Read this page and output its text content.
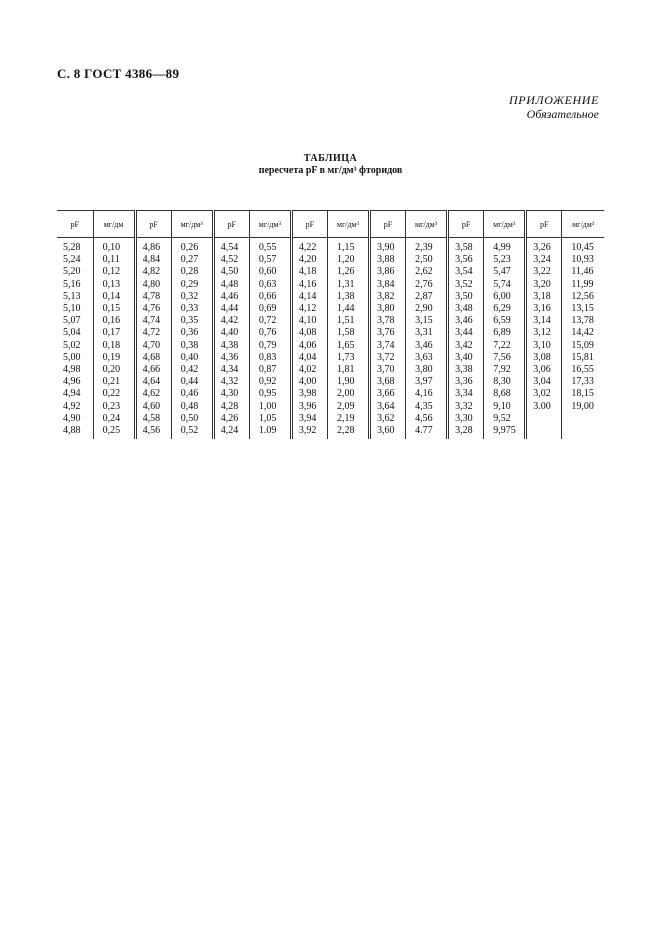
С. 8 ГОСТ 4386—89
ПРИЛОЖЕНИЕ
Обязательное
ТАБЛИЦА
пересчета pF в мг/дм³ фторидов
pF	мг/дм	pF	мг/дм³	pF	мг/дм³	pF	мг/дм³	pF	мг/дм³	pF	мг/дм³	pF	мг/дм³
5,28	0,10	4,86	0,26	4,54	0,55	4,22	1,15	3,90	2,39	3,58	4,99	3,26	10,45
5,24	0,11	4,84	0,27	4,52	0,57	4,20	1,20	3,88	2,50	3,56	5,23	3,24	10,93
5,20	0,12	4,82	0,28	4,50	0,60	4,18	1,26	3,86	2,62	3,54	5,47	3,22	11,46
5,16	0,13	4,80	0,29	4,48	0,63	4,16	1,31	3,84	2,76	3,52	5,74	3,20	11,99
5,13	0,14	4,78	0,32	4,46	0,66	4,14	1,38	3,82	2,87	3,50	6,00	3,18	12,56
5,10	0,15	4,76	0,33	4,44	0,69	4,12	1,44	3,80	2,90	3,48	6,29	3,16	13,15
5,07	0,16	4,74	0,35	4,42	0,72	4,10	1,51	3,78	3,15	3,46	6,59	3,14	13,78
5,04	0,17	4,72	0,36	4,40	0,76	4,08	1,58	3,76	3,31	3,44	6,89	3,12	14,42
5,02	0,18	4,70	0,38	4,38	0,79	4,06	1,65	3,74	3,46	3,42	7,22	3,10	15,09
5,00	0,19	4,68	0,40	4,36	0,83	4,04	1,73	3,72	3,63	3,40	7,56	3,08	15,81
4,98	0,20	4,66	0,42	4,34	0,87	4,02	1,81	3,70	3,80	3,38	7,92	3,06	16,55
4,96	0,21	4,64	0,44	4,32	0,92	4,00	1,90	3,68	3,97	3,36	8,30	3,04	17,33
4,94	0,22	4,62	0,46	4,30	0,95	3,98	2,00	3,66	4,16	3,34	8,68	3,02	18,15
4,92	0,23	4,60	0,48	4,28	1,00	3,96	2,09	3,64	4,35	3,32	9,10	3.00	19,00
4,90	0,24	4,58	0,50	4,26	1,05	3,94	2,19	3,62	4,56	3,30	9,52		
4,88	0,25	4,56	0,52	4,24	1.09	3,92	2,28	3,60	4.77	3,28	9,975		
